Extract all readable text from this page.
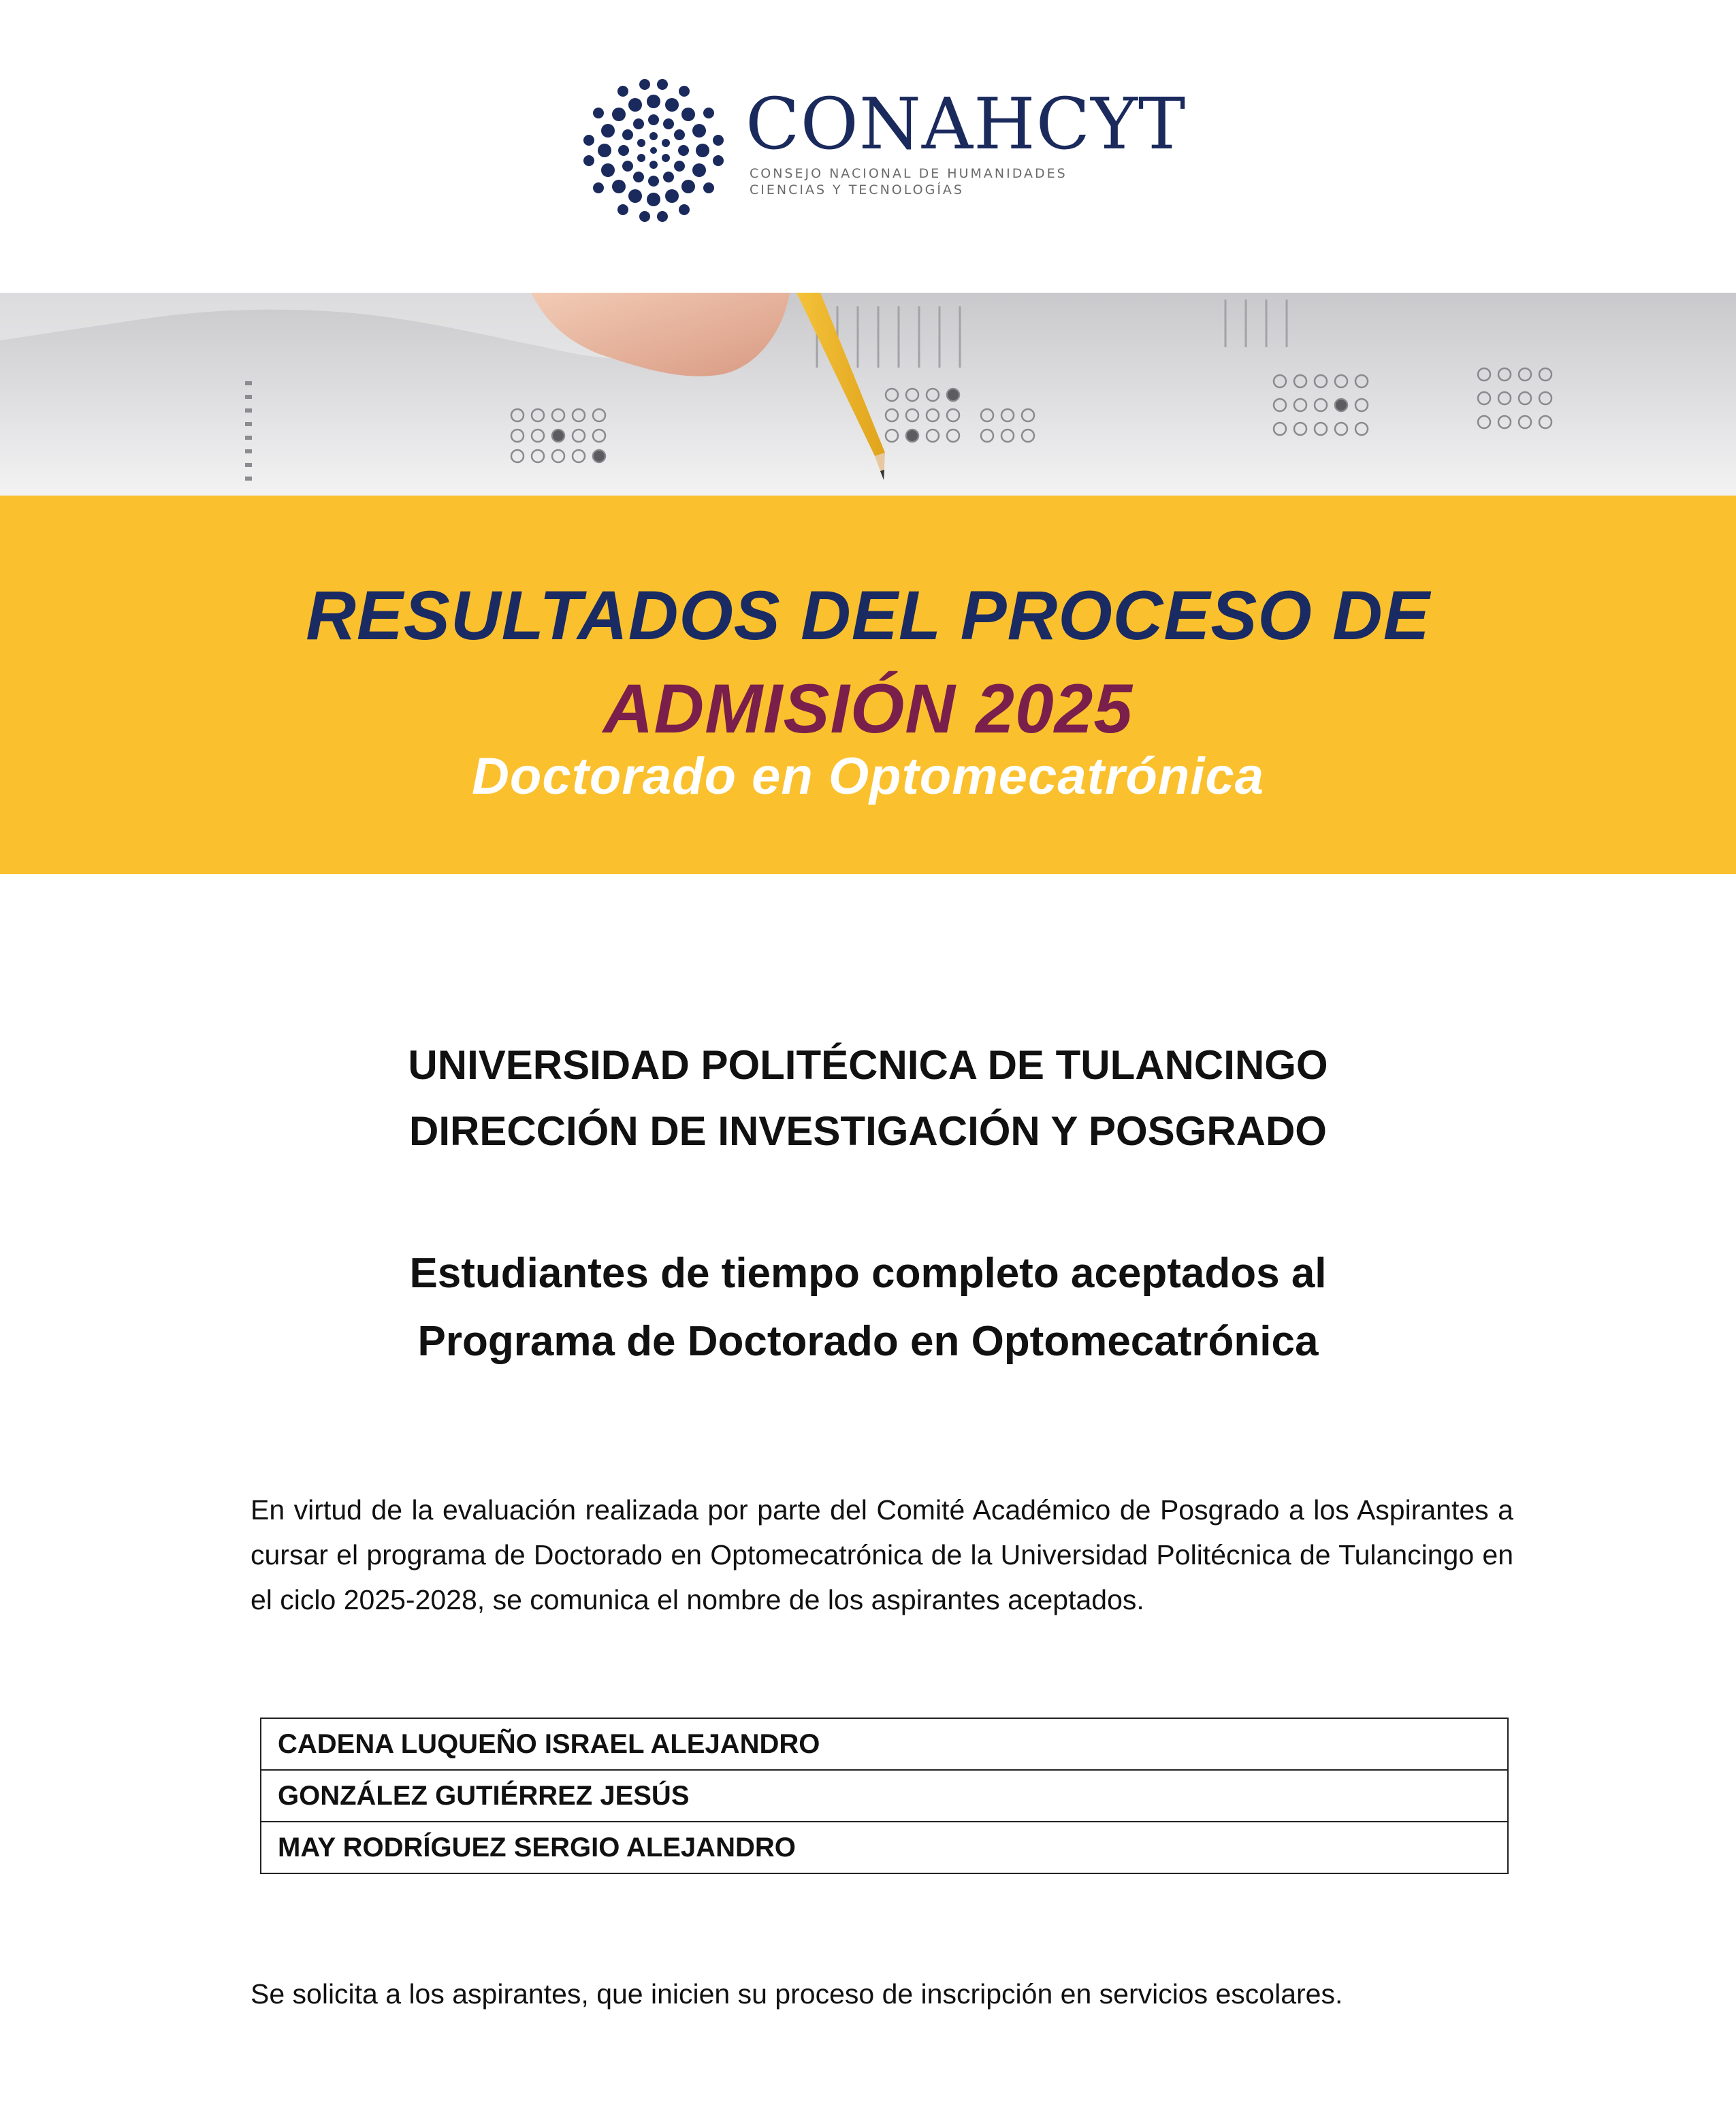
CONAHCYT
CONSEJO NACIONAL DE HUMANIDADES
CIENCIAS Y TECNOLOGÍAS
RESULTADOS DEL PROCESO DE
ADMISIÓN 2025
Doctorado en Optomecatrónica
UNIVERSIDAD POLITÉCNICA DE TULANCINGO
DIRECCIÓN DE INVESTIGACIÓN Y POSGRADO
Estudiantes de tiempo completo aceptados al
Programa de Doctorado en Optomecatrónica
En virtud de la evaluación realizada por parte del Comité Académico de Posgrado a los Aspirantes a cursar el programa de Doctorado en Optomecatrónica de la Universidad Politécnica de Tulancingo en el ciclo 2025-2028, se comunica el nombre de los aspirantes aceptados.
CADENA LUQUEÑO ISRAEL ALEJANDRO
GONZÁLEZ GUTIÉRREZ JESÚS
MAY RODRÍGUEZ SERGIO ALEJANDRO
Se solicita a los aspirantes, que inicien su proceso de inscripción en servicios escolares.
